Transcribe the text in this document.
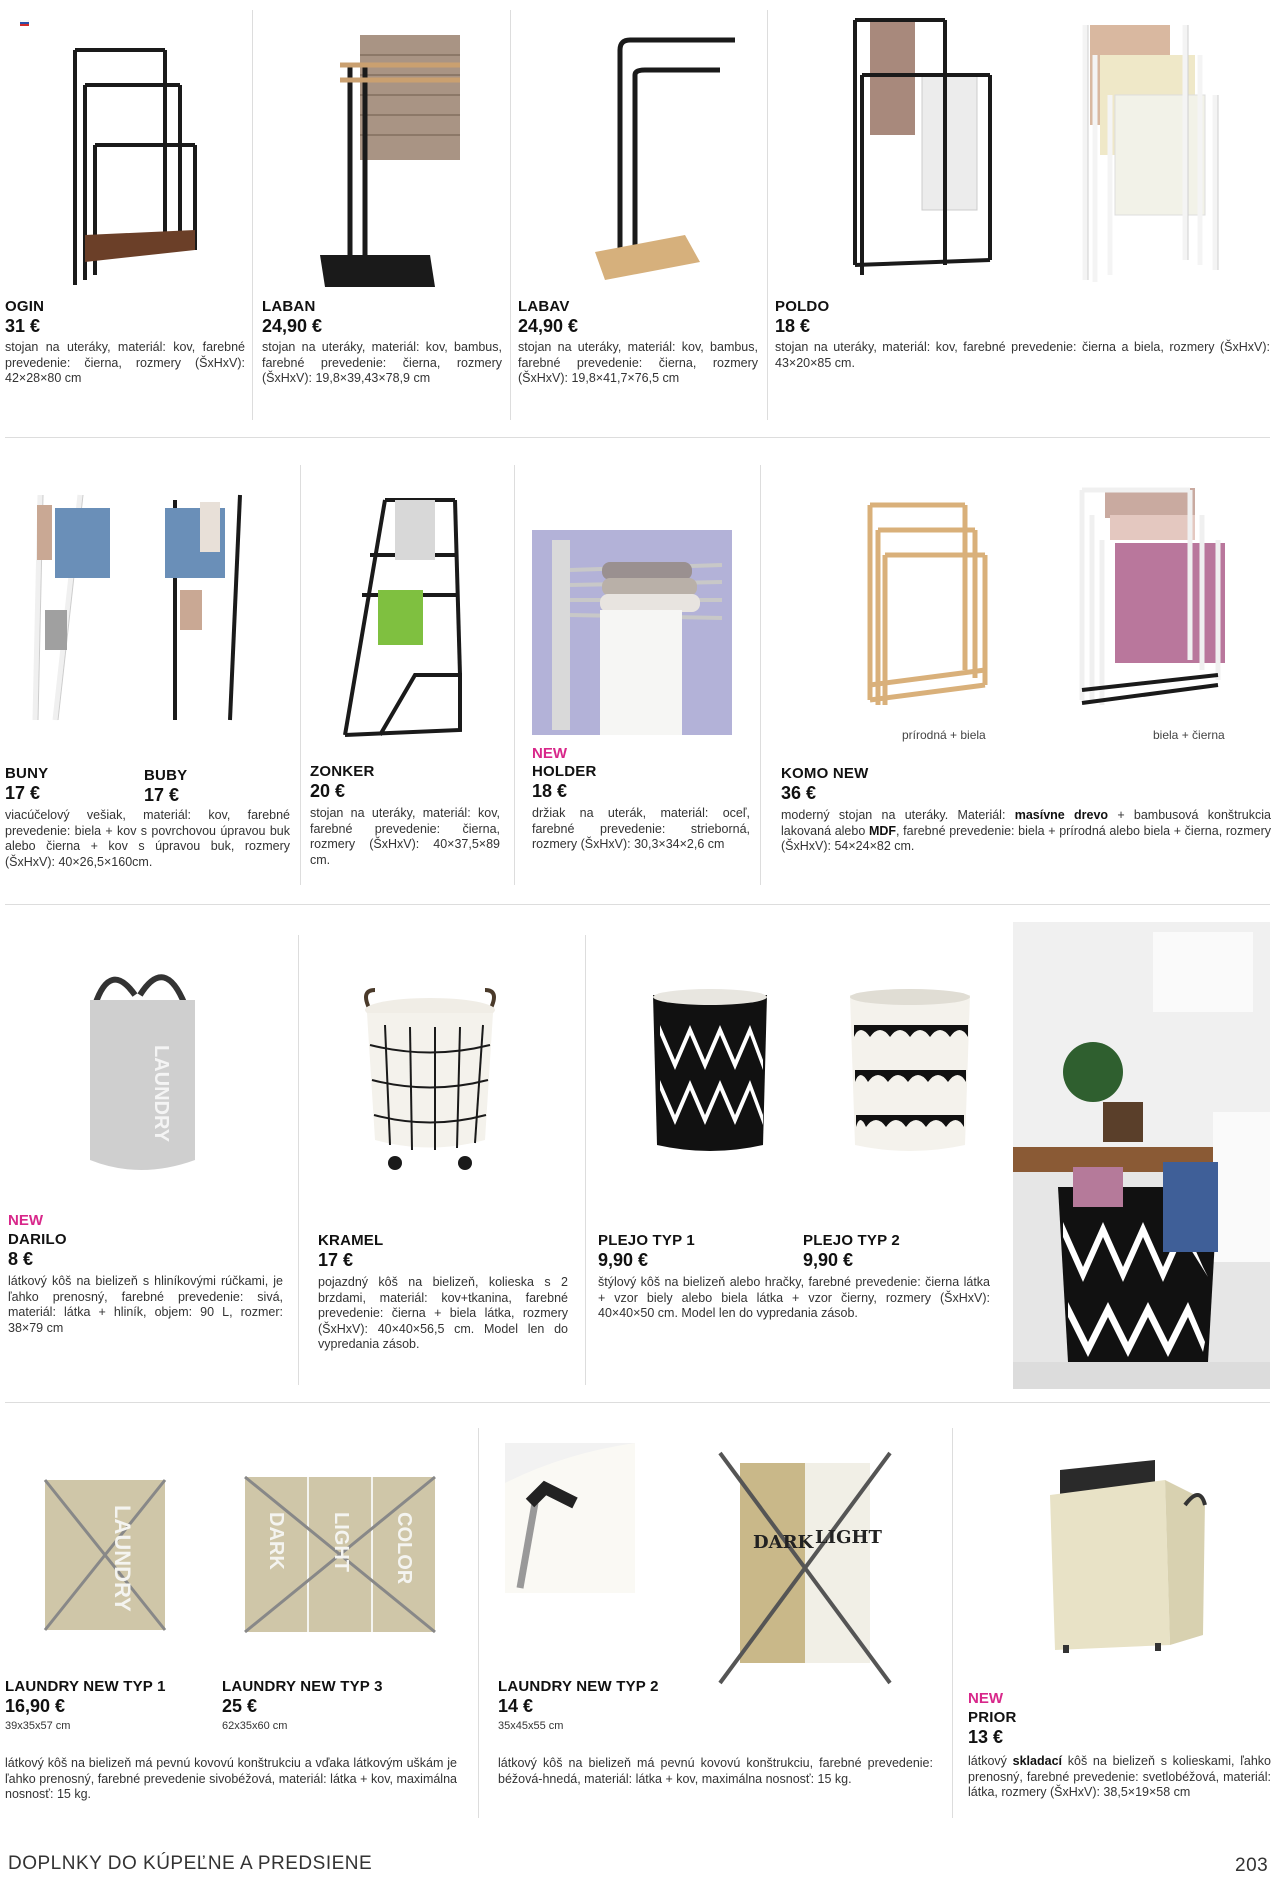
OGIN
31 €
stojan na uteráky, materiál: kov, farebné prevedenie: čierna, rozmery (ŠxHxV): 42×28×80 cm
LABAN
24,90 €
stojan na uteráky, materiál: kov, bambus, farebné prevedenie: čierna, rozmery (ŠxHxV): 19,8×39,43×78,9 cm
LABAV
24,90 €
stojan na uteráky, materiál: kov, bambus, farebné prevedenie: čierna, rozmery (ŠxHxV): 19,8×41,7×76,5 cm
POLDO
18 €
stojan na uteráky, materiál: kov, farebné prevedenie: čierna a biela, rozmery (ŠxHxV): 43×20×85 cm.
BUNY
17 €
BUBY
17 €
viacúčelový vešiak, materiál: kov, farebné prevedenie: biela + kov s povrchovou úpravou buk alebo čierna + kov s úpravou buk, rozmery (ŠxHxV): 40×26,5×160cm.
ZONKER
20 €
stojan na uteráky, materiál: kov, farebné prevedenie: čierna, rozmery (ŠxHxV): 40×37,5×89 cm.
NEW
HOLDER
18 €
držiak na uterák, materiál: oceľ, farebné prevedenie: strieborná, rozmery (ŠxHxV): 30,3×34×2,6 cm
prírodná + biela	biela + čierna
KOMO NEW
36 €
moderný stojan na uteráky. Materiál: masívne drevo + bambusová konštrukcia lakovaná alebo MDF, farebné prevedenie: biela + prírodná alebo biela + čierna, rozmery (ŠxHxV): 54×24×82 cm.
LAUNDRY
NEW
DARILO
8 €
látkový kôš na bielizeň s hliníkovými rúčkami, je ľahko prenosný, farebné prevedenie: sivá, materiál: látka + hliník, objem: 90 L, rozmer: 38×79 cm
KRAMEL
17 €
pojazdný kôš na bielizeň, kolieska s 2 brzdami, materiál: kov+tkanina, farebné prevedenie: čierna + biela látka, rozmery (ŠxHxV): 40×40×56,5 cm. Model len do vypredania zásob.
PLEJO TYP 1
9,90 €
PLEJO TYP 2
9,90 €
štýlový kôš na bielizeň alebo hračky, farebné prevedenie: čierna látka + vzor biely alebo biela látka + vzor čierny, rozmery (ŠxHxV): 40×40×50 cm. Model len do vypredania zásob.
LAUNDRY	DARK LIGHT COLOR
LAUNDRY NEW TYP 1
16,90 €
39x35x57 cm
LAUNDRY NEW TYP 3
25 €
62x35x60 cm
látkový kôš na bielizeň má pevnú kovovú konštrukciu a vďaka látkovým uškám je ľahko prenosný, farebné prevedenie sivobéžová, materiál: látka + kov, maximálna nosnosť: 15 kg.
DARK LIGHT
LAUNDRY NEW TYP 2
14 €
35x45x55 cm
látkový kôš na bielizeň má pevnú kovovú konštrukciu, farebné prevedenie: béžová-hnedá, materiál: látka + kov, maximálna nosnosť: 15 kg.
NEW
PRIOR
13 €
látkový skladací kôš na bielizeň s kolieskami, ľahko prenosný, farebné prevedenie: svetlobéžová, materiál: látka, rozmery (ŠxHxV): 38,5×19×58 cm
DOPLNKY DO KÚPEĽNE A PREDSIENE	203
